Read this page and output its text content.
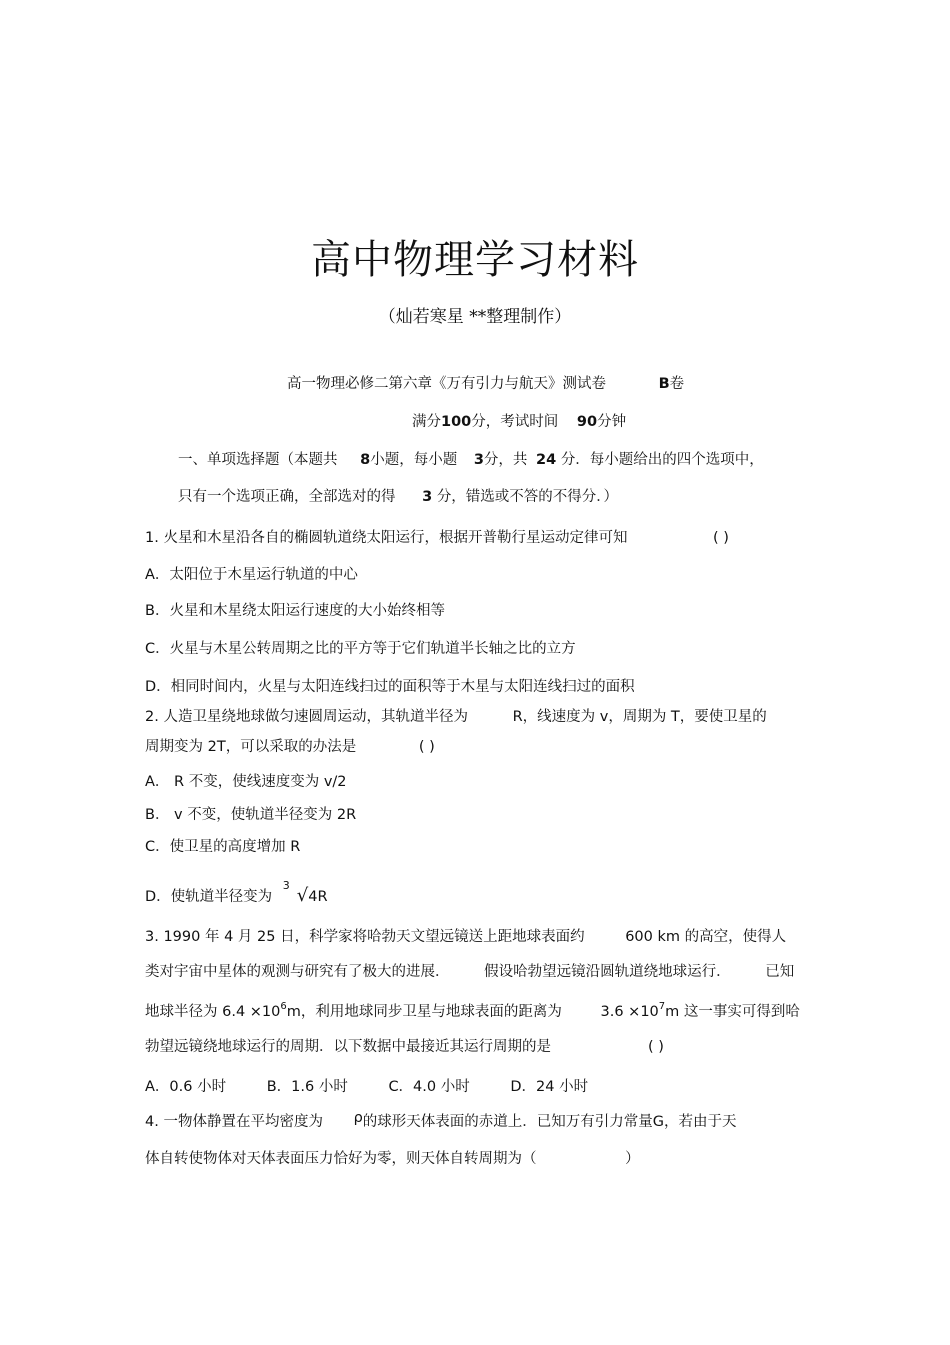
高中物理学习材料
（灿若寒星 **整理制作）
高一物理必修二第六章《万有引力与航天》测试卷	B卷
满分100分，考试时间 90分钟
一、单项选择题（本题共 8小题，每小题 3分，共 24 分．每小题给出的四个选项中，
只有一个选项正确，全部选对的得 3 分，错选或不答的不得分．）
1. 火星和木星沿各自的椭圆轨道绕太阳运行，根据开普勒行星运动定律可知	( )
A．太阳位于木星运行轨道的中心
B．火星和木星绕太阳运行速度的大小始终相等
C．火星与木星公转周期之比的平方等于它们轨道半长轴之比的立方
D．相同时间内，火星与太阳连线扫过的面积等于木星与太阳连线扫过的面积
2. 人造卫星绕地球做匀速圆周运动，其轨道半径为	R，线速度为 v，周期为 T，要使卫星的
周期变为 2T，可以采取的办法是	( )
A． R 不变，使线速度变为 v/2
B． v 不变，使轨道半径变为 2R
C．使卫星的高度增加 R
D．使轨道半径变为
3 √4R
3. 1990 年 4 月 25 日，科学家将哈勃天文望远镜送上距地球表面约	600 km 的高空，使得人
类对宇宙中星体的观测与研究有了极大的进展． 假设哈勃望远镜沿圆轨道绕地球运行． 已知
地球半径为 $6.4 \times 10^6m$，利用地球同步卫星与地球表面的距离为	$3.6 \times 10^7m$ 这一事实可得到哈
勃望远镜绕地球运行的周期．以下数据中最接近其运行周期的是	( )
A．0.6 小时	B．1.6 小时	C．4.0 小时	D．24 小时
4. 一物体静置在平均密度为 ρ的球形天体表面的赤道上．已知万有引力常量G，若由于天
体自转使物体对天体表面压力恰好为零，则天体自转周期为（	）
